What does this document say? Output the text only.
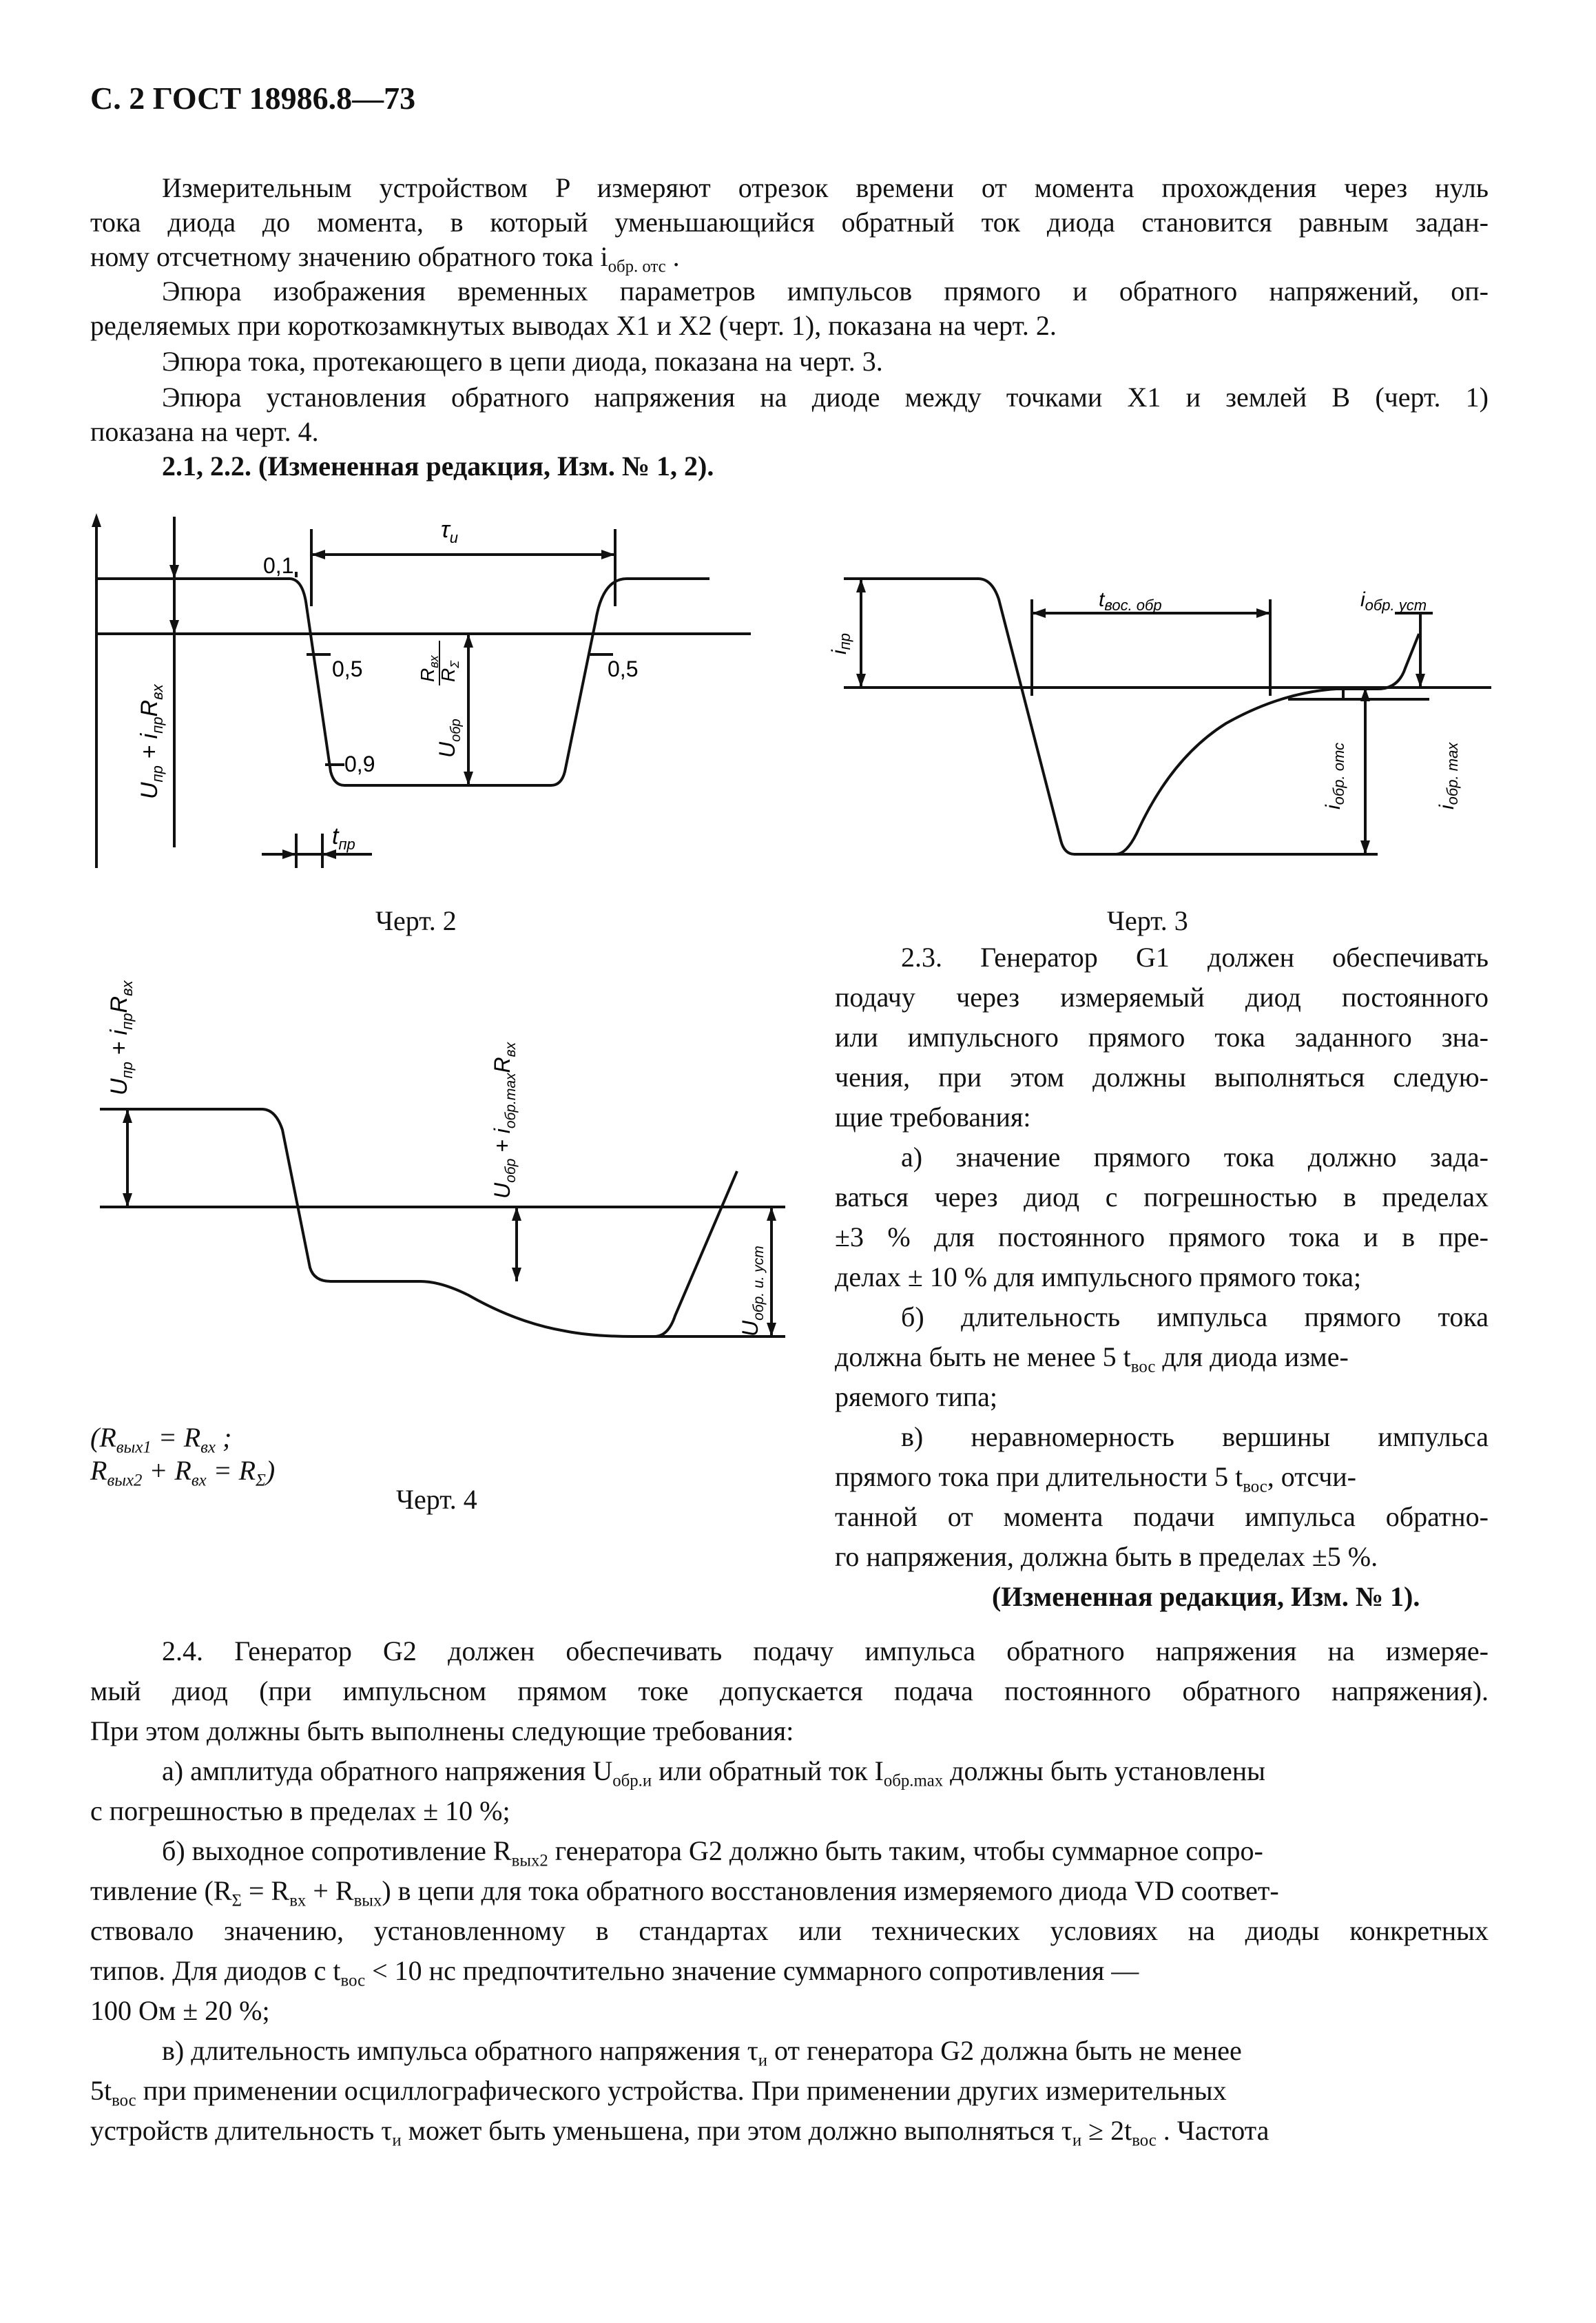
С. 2 ГОСТ 18986.8—73
Измерительным устройством P измеряют отрезок времени от момента прохождения через нуль
тока диода до момента, в который уменьшающийся обратный ток диода становится равным задан-
ному отсчетному значению обратного тока $i_{обр. отс}$ .
Эпюра изображения временных параметров импульсов прямого и обратного напряжений, оп-
ределяемых при короткозамкнутых выводах X1 и X2 (черт. 1), показана на черт. 2.
Эпюра тока, протекающего в цепи диода, показана на черт. 3.
Эпюра установления обратного напряжения на диоде между точками X1 и землей B (черт. 1)
показана на черт. 4.
2.1, 2.2. (Измененная редакция, Изм. № 1, 2).
0,1
0,5	0,5
0,9
$\tau_и$
$t_{пр}$
$U_{пр} + i_{пр}R_{вх}$
$U_{обр}$
$R_{вх}$
$R_\Sigma$
Черт. 2
$t_{вос. обр}$	$i_{обр. уст}$
$i_{пр}$
$i_{обр. отс}$
$i_{обр. max}$
Черт. 3
$U_{пр} + i_{пр}R_{вх}$
$U_{обр} + i_{обр.max}R_{вх}$
$U_{обр. и. уст}$
($R_{вых1} = R_{вх}$ ;
$R_{вых2} + R_{вх} = R_\Sigma$)
Черт. 4
2.3. Генератор G1 должен обеспечивать
подачу через измеряемый диод постоянного
или импульсного прямого тока заданного зна-
чения, при этом должны выполняться следую-
щие требования:
а) значение прямого тока должно зада-
ваться через диод с погрешностью в пределах
±3 % для постоянного прямого тока и в пре-
делах ± 10 % для импульсного прямого тока;
б) длительность импульса прямого тока
должна быть не менее 5 $t_{вос}$ для диода изме-
ряемого типа;
в) неравномерность вершины импульса
прямого тока при длительности 5 $t_{вос}$, отсчи-
танной от момента подачи импульса обратно-
го напряжения, должна быть в пределах ±5 %.
(Измененная редакция, Изм. № 1).
2.4. Генератор G2 должен обеспечивать подачу импульса обратного напряжения на измеряе-
мый диод (при импульсном прямом токе допускается подача постоянного обратного напряжения).
При этом должны быть выполнены следующие требования:
а) амплитуда обратного напряжения $U_{обр.и}$ или обратный ток $I_{обр.max}$ должны быть установлены
с погрешностью в пределах ± 10 %;
б) выходное сопротивление $R_{вых2}$ генератора G2 должно быть таким, чтобы суммарное сопро-
тивление $(R_\Sigma = R_{вх} + R_{вых})$ в цепи для тока обратного восстановления измеряемого диода VD соответ-
ствовало значению, установленному в стандартах или технических условиях на диоды конкретных
типов. Для диодов с $t_{вос} < 10$ нс предпочтительно значение суммарного сопротивления —
100 Ом ± 20 %;
в) длительность импульса обратного напряжения $\tau_и$ от генератора G2 должна быть не менее
$5t_{вос}$ при применении осциллографического устройства. При применении других измерительных
устройств длительность $\tau_и$ может быть уменьшена, при этом должно выполняться $\tau_и \ge 2t_{вос}$ . Частота
